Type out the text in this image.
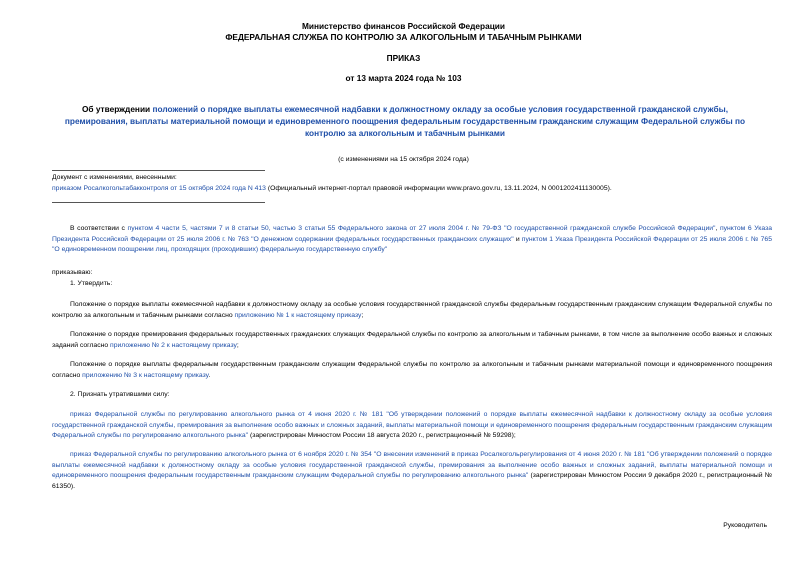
Министерство финансов Российской Федерации
ФЕДЕРАЛЬНАЯ СЛУЖБА ПО КОНТРОЛЮ ЗА АЛКОГОЛЬНЫМ И ТАБАЧНЫМ РЫНКАМИ
ПРИКАЗ
от 13 марта 2024 года № 103
Об утверждении положений о порядке выплаты ежемесячной надбавки к должностному окладу за особые условия государственной гражданской службы, премирования, выплаты материальной помощи и единовременного поощрения федеральным государственным гражданским служащим Федеральной службы по контролю за алкогольным и табачным рынками
(с изменениями на 15 октября 2024 года)
Документ с изменениями, внесенными:
приказом Росалкогольтабакконтроля от 15 октября 2024 года N 413 (Официальный интернет-портал правовой информации www.pravo.gov.ru, 13.11.2024, N 0001202411130005).
В соответствии с пунктом 4 части 5, частями 7 и 8 статьи 50, частью 3 статьи 55 Федерального закона от 27 июля 2004 г. № 79-ФЗ "О государственной гражданской службе Российской Федерации", пунктом 6 Указа Президента Российской Федерации от 25 июля 2006 г. № 763 "О денежном содержании федеральных государственных гражданских служащих" и пунктом 1 Указа Президента Российской Федерации от 25 июля 2006 г. № 765 "О единовременном поощрении лиц, проходящих (проходивших) федеральную государственную службу"
приказываю:
1. Утвердить:
Положение о порядке выплаты ежемесячной надбавки к должностному окладу за особые условия государственной гражданской службы федеральным государственным гражданским служащим Федеральной службы по контролю за алкогольным и табачным рынками согласно приложению № 1 к настоящему приказу;
Положение о порядке премирования федеральных государственных гражданских служащих Федеральной службы по контролю за алкогольным и табачным рынками, в том числе за выполнение особо важных и сложных заданий согласно приложению № 2 к настоящему приказу;
Положение о порядке выплаты федеральным государственным гражданским служащим Федеральной службы по контролю за алкогольным и табачным рынками материальной помощи и единовременного поощрения согласно приложению № 3 к настоящему приказу.
2. Признать утратившими силу:
приказ Федеральной службы по регулированию алкогольного рынка от 4 июня 2020 г. № 181 "Об утверждении положений о порядке выплаты ежемесячной надбавки к должностному окладу за особые условия государственной гражданской службы, премирования за выполнение особо важных и сложных заданий, выплаты материальной помощи и единовременного поощрения федеральным государственным гражданским служащим Федеральной службы по регулированию алкогольного рынка" (зарегистрирован Минюстом России 18 августа 2020 г., регистрационный № 59298);
приказ Федеральной службы по регулированию алкогольного рынка от 6 ноября 2020 г. № 354 "О внесении изменений в приказ Росалкогольрегулирования от 4 июня 2020 г. № 181 "Об утверждении положений о порядке выплаты ежемесячной надбавки к должностному окладу за особые условия государственной гражданской службы, премирования за выполнение особо важных и сложных заданий, выплаты материальной помощи и единовременного поощрения федеральным государственным гражданским служащим Федеральной службы по регулированию алкогольного рынка" (зарегистрирован Минюстом России 9 декабря 2020 г., регистрационный № 61350).
Руководитель
